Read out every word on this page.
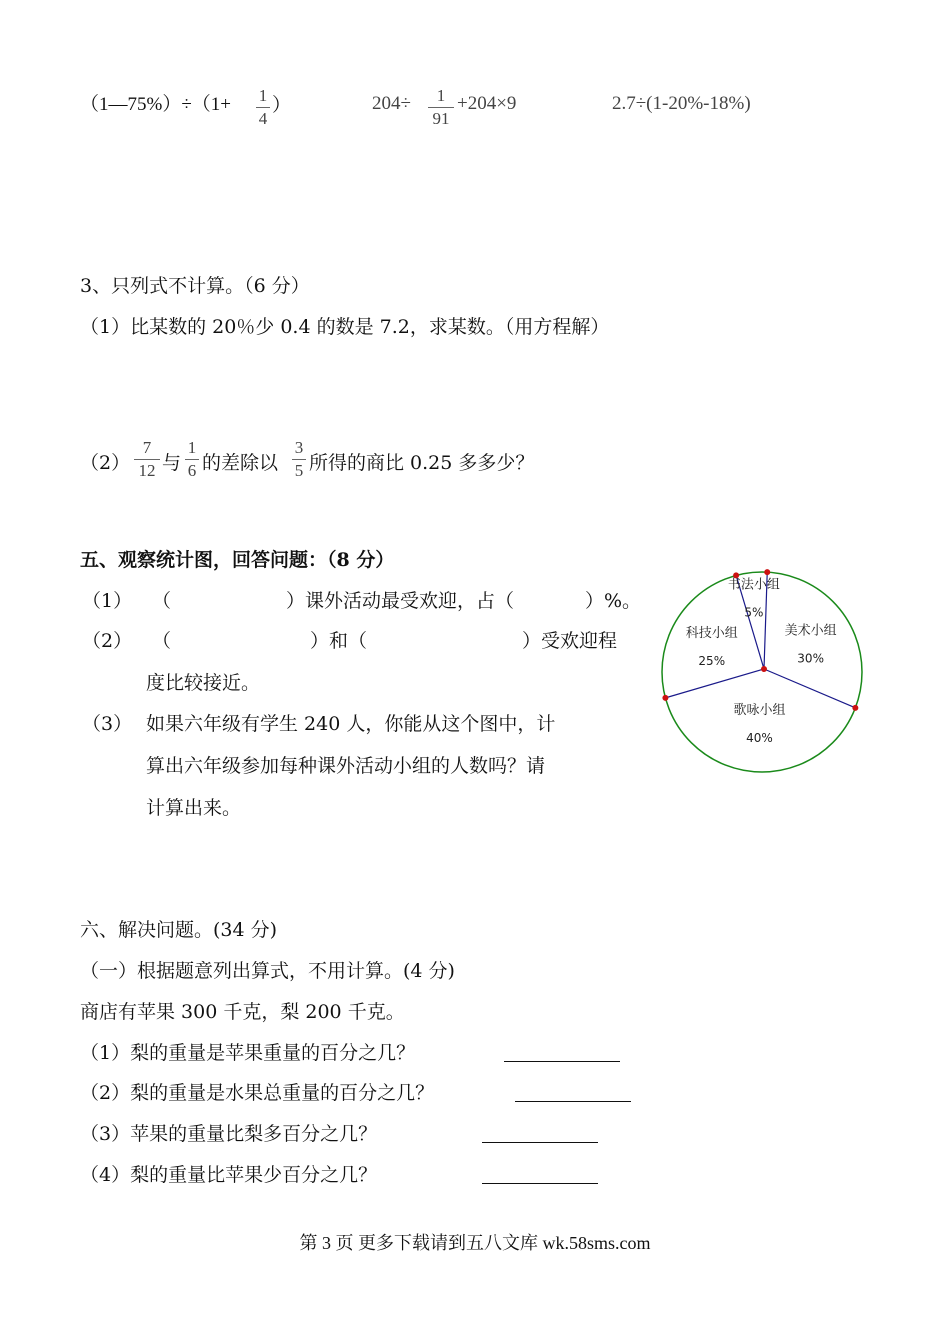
（1—75%）÷（1+ 1
4
）	204÷	1
91
+204×9	2.7÷(1-20%-18%)
3、只列式不计算。（6 分）
（1）比某数的 20％少 0.4 的数是 7.2，求某数。（用方程解）
（2）
7
12 与
1
6 的差除以
3
5 所得的商比 0.25 多多少？
五、观察统计图，回答问题：（8 分）
（1） （	）课外活动最受欢迎，占（	）%。
（2） （	）和（	）受欢迎程
度比较接近。
（3） 如果六年级有学生 240 人，你能从这个图中，计
算出六年级参加每种课外活动小组的人数吗？请
计算出来。
书法小组
5%
美术小组
30%
歌咏小组
40%
科技小组
25%
六、解决问题。(34 分)
（一）根据题意列出算式，不用计算。(4 分)
商店有苹果 300 千克，梨 200 千克。
（1）梨的重量是苹果重量的百分之几？
（2）梨的重量是水果总重量的百分之几？
（3）苹果的重量比梨多百分之几？
（4）梨的重量比苹果少百分之几？
第 3 页 更多下载请到五八文库 wk.58sms.com
